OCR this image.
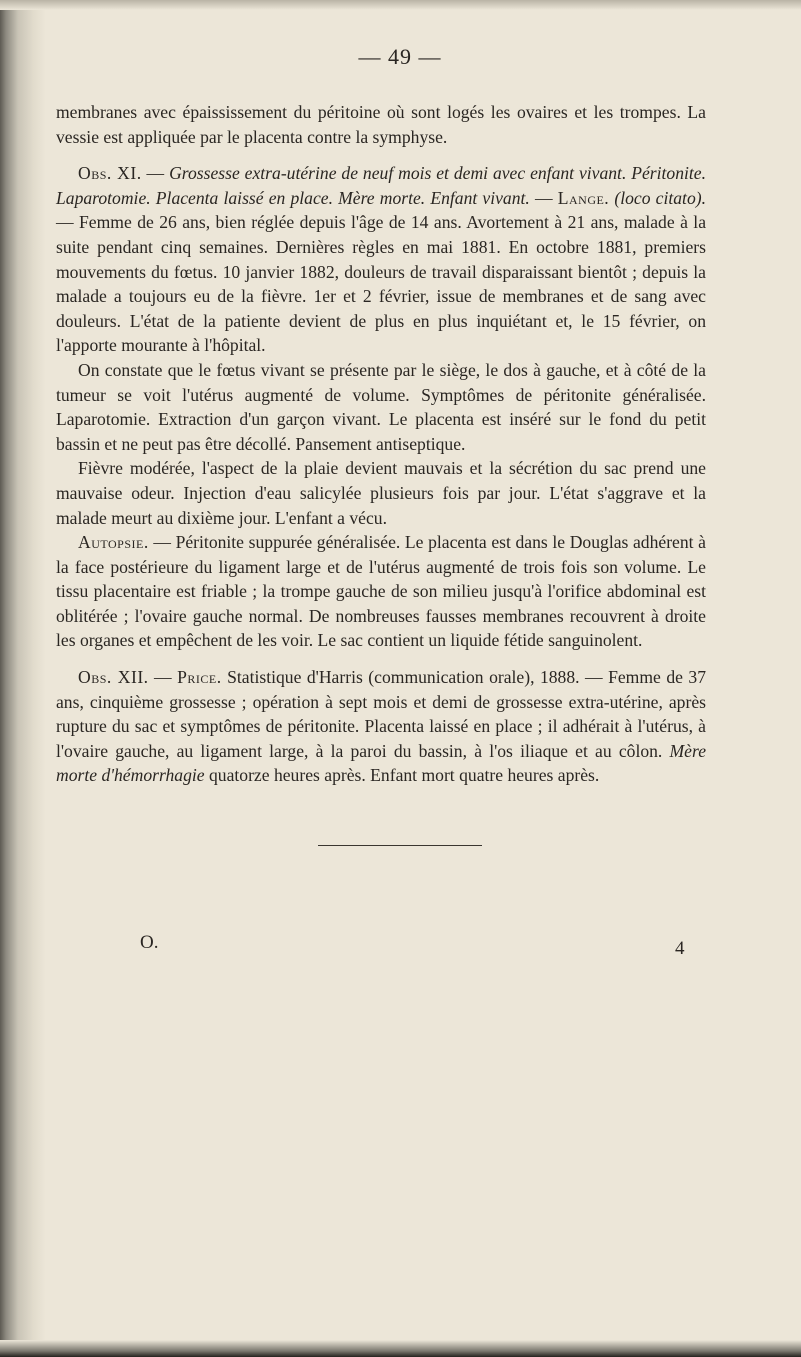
— 49 —

membranes avec épaississement du péritoine où sont logés les ovaires et les trompes. La vessie est appliquée par le placenta contre la symphyse.

Obs. XI. — Grossesse extra-utérine de neuf mois et demi avec enfant vivant. Péritonite. Laparotomie. Placenta laissé en place. Mère morte. Enfant vivant. — Lange. (loco citato). — Femme de 26 ans, bien réglée depuis l'âge de 14 ans. Avortement à 21 ans, malade à la suite pendant cinq semaines. Dernières règles en mai 1881. En octobre 1881, premiers mouvements du fœtus. 10 janvier 1882, douleurs de travail disparaissant bientôt ; depuis la malade a toujours eu de la fièvre. 1er et 2 février, issue de membranes et de sang avec douleurs. L'état de la patiente devient de plus en plus inquiétant et, le 15 février, on l'apporte mourante à l'hôpital.

On constate que le fœtus vivant se présente par le siège, le dos à gauche, et à côté de la tumeur se voit l'utérus augmenté de volume. Symptômes de péritonite généralisée. Laparotomie. Extraction d'un garçon vivant. Le placenta est inséré sur le fond du petit bassin et ne peut pas être décollé. Pansement antiseptique.

Fièvre modérée, l'aspect de la plaie devient mauvais et la sécrétion du sac prend une mauvaise odeur. Injection d'eau salicylée plusieurs fois par jour. L'état s'aggrave et la malade meurt au dixième jour. L'enfant a vécu.

Autopsie. — Péritonite suppurée généralisée. Le placenta est dans le Douglas adhérent à la face postérieure du ligament large et de l'utérus augmenté de trois fois son volume. Le tissu placentaire est friable ; la trompe gauche de son milieu jusqu'à l'orifice abdominal est oblitérée ; l'ovaire gauche normal. De nombreuses fausses membranes recouvrent à droite les organes et empêchent de les voir. Le sac contient un liquide fétide sanguinolent.

Obs. XII. — Price. Statistique d'Harris (communication orale), 1888. — Femme de 37 ans, cinquième grossesse ; opération à sept mois et demi de grossesse extra-utérine, après rupture du sac et symptômes de péritonite. Placenta laissé en place ; il adhérait à l'utérus, à l'ovaire gauche, au ligament large, à la paroi du bassin, à l'os iliaque et au côlon. Mère morte d'hémorrhagie quatorze heures après. Enfant mort quatre heures après.

O.	4
